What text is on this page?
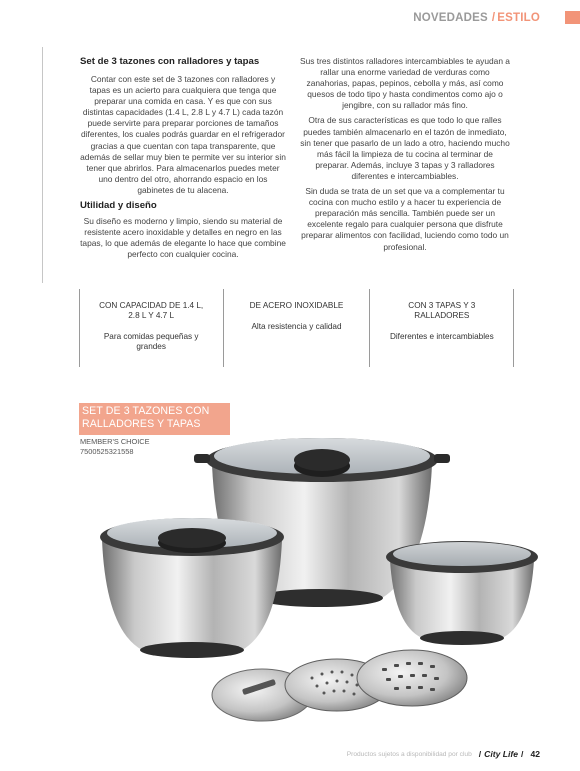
NOVEDADES / ESTILO
Set de 3 tazones con ralladores y tapas

Contar con este set de 3 tazones con ralladores y tapas es un acierto para cualquiera que tenga que preparar una comida en casa. Y es que con sus distintas capacidades (1.4 L, 2.8 L y 4.7 L) cada tazón puede servirte para preparar porciones de tamaños diferentes, los cuales podrás guardar en el refrigerador gracias a que cuentan con tapa transparente, que además de sellar muy bien te permite ver su interior sin tener que abrirlos. Para almacenarlos puedes meter uno dentro del otro, ahorrando espacio en los gabinetes de tu alacena.

Utilidad y diseño

Su diseño es moderno y limpio, siendo su material de resistente acero inoxidable y detalles en negro en las tapas, lo que además de elegante lo hace que combine perfecto con cualquier cocina.

Sus tres distintos ralladores intercambiables te ayudan a rallar una enorme variedad de verduras como zanahorias, papas, pepinos, cebolla y más, así como quesos de todo tipo y hasta condimentos como ajo o jengibre, con su rallador más fino.

Otra de sus características es que todo lo que ralles puedes también almacenarlo en el tazón de inmediato, sin tener que pasarlo de un lado a otro, haciendo mucho más fácil la limpieza de tu cocina al terminar de preparar. Además, incluye 3 tapas y 3 ralladores diferentes e intercambiables.

Sin duda se trata de un set que va a complementar tu cocina con mucho estilo y a hacer tu experiencia de preparación más sencilla. También puede ser un excelente regalo para cualquier persona que disfrute preparar alimentos con facilidad, luciendo como todo un profesional.

CON CAPACIDAD DE 1.4 L, 2.8 L Y 4.7 L
Para comidas pequeñas y grandes
DE ACERO INOXIDABLE
Alta resistencia y calidad
CON 3 TAPAS Y 3 RALLADORES
Diferentes e intercambiables
SET DE 3 TAZONES CON RALLADORES Y TAPAS
MEMBER'S CHOICE
7500525321558
Productos sujetos a disponibilidad por club / City Life / 42
